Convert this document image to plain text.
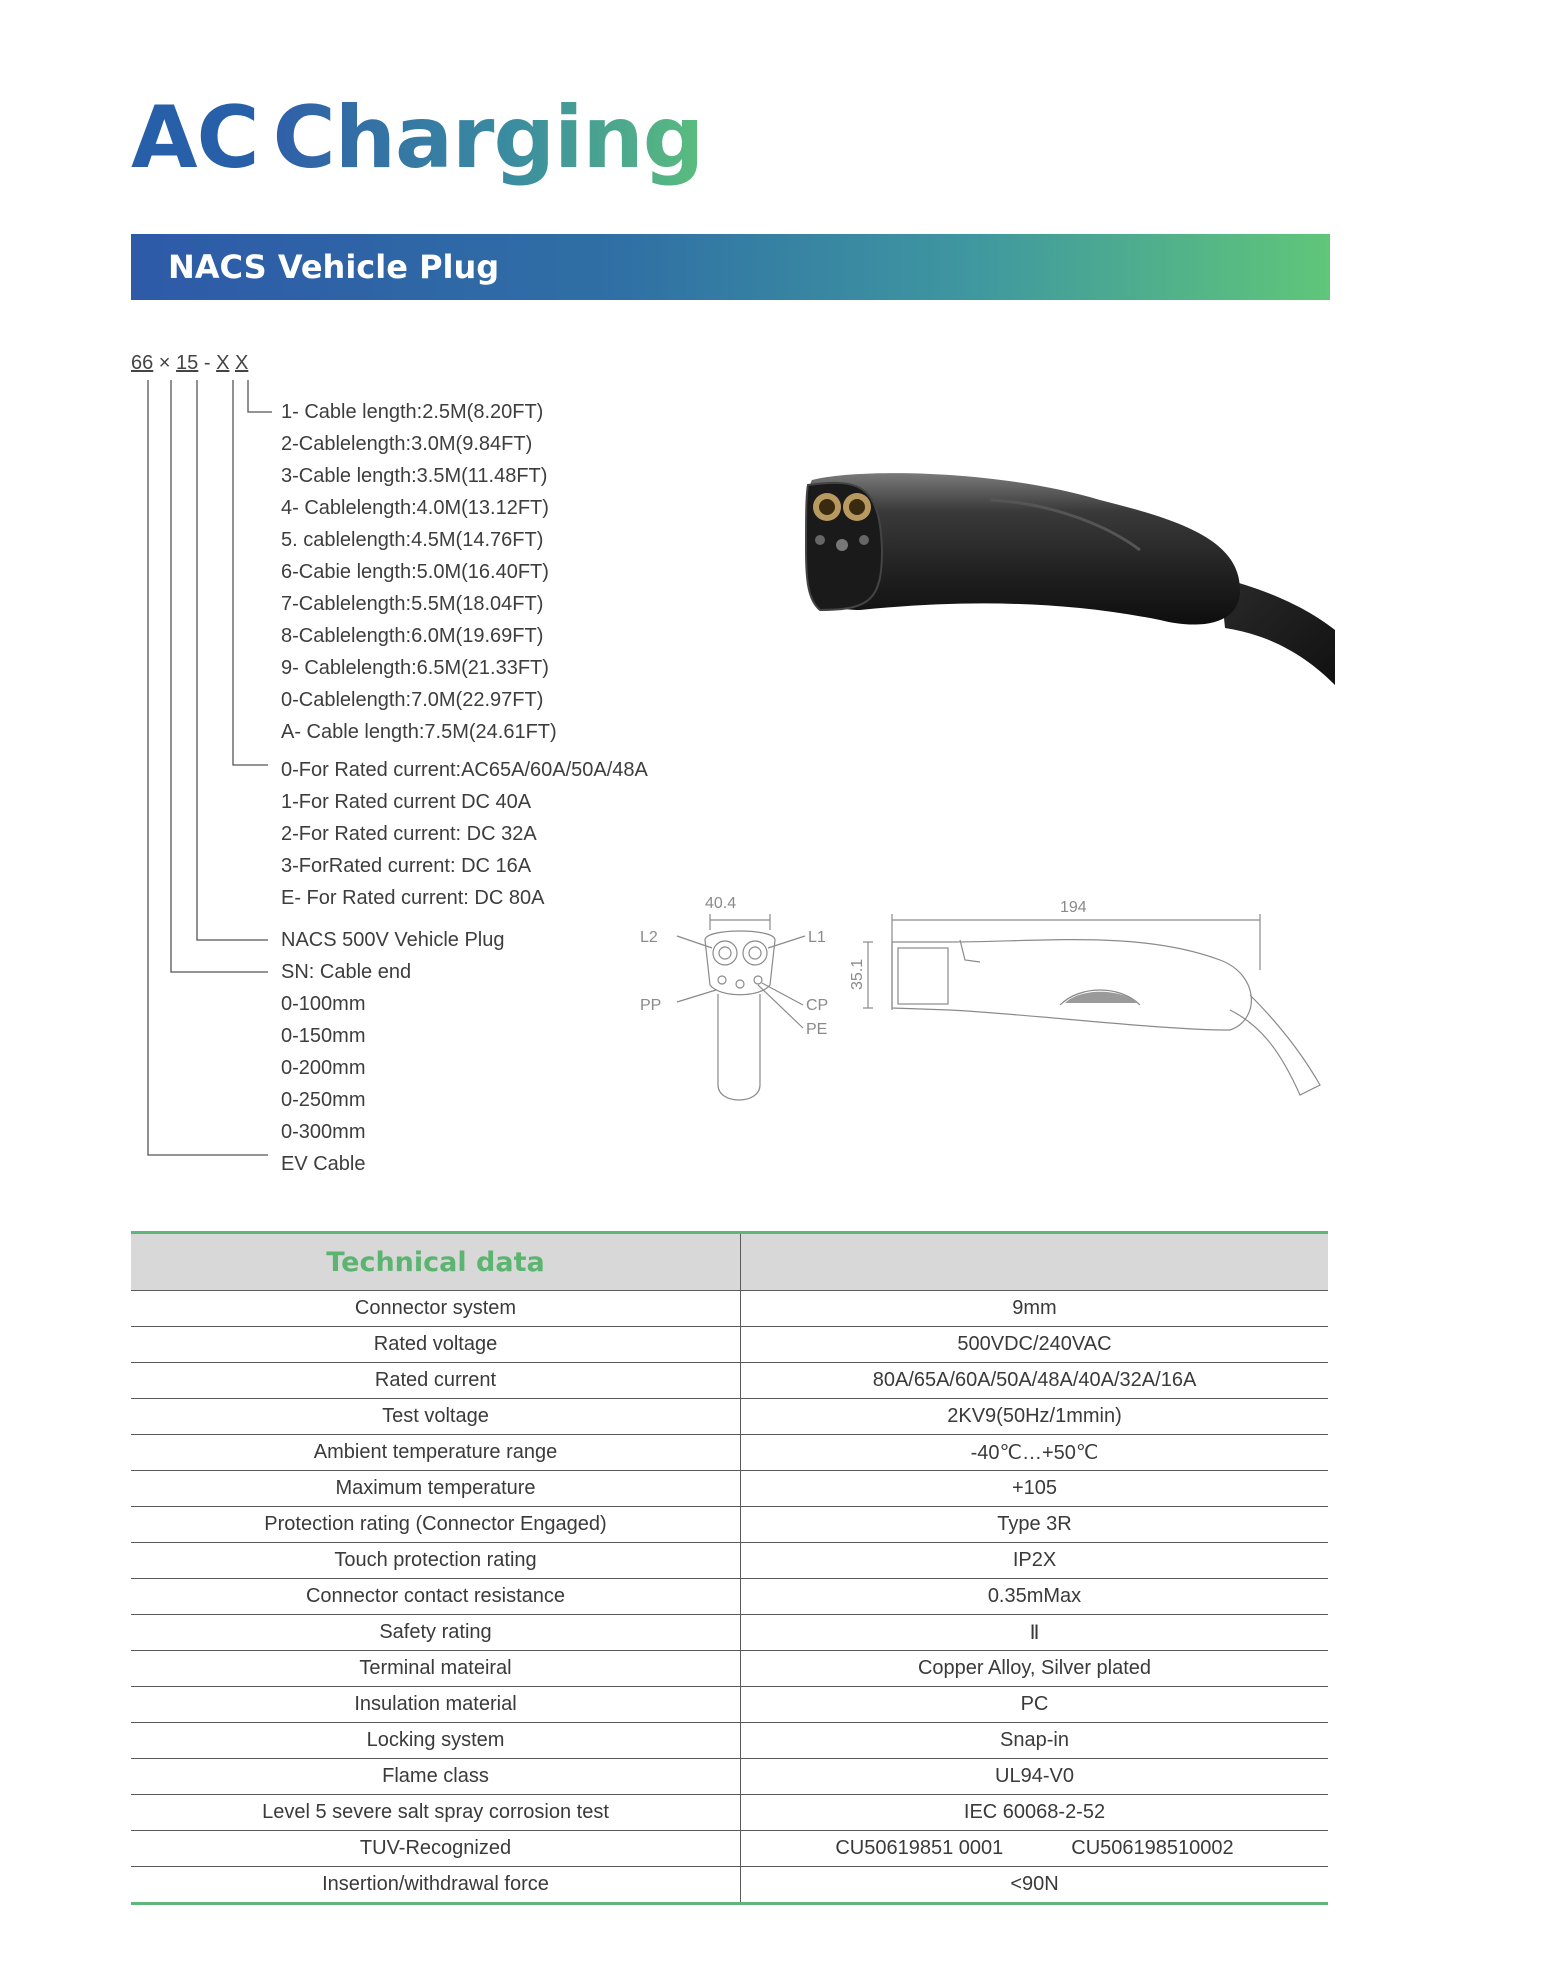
AC Charging
NACS Vehicle Plug
66 × 15 - X X
1- Cable length:2.5M(8.20FT)
2-Cablelength:3.0M(9.84FT)
3-Cable length:3.5M(11.48FT)
4- Cablelength:4.0M(13.12FT)
5. cablelength:4.5M(14.76FT)
6-Cabie length:5.0M(16.40FT)
7-Cablelength:5.5M(18.04FT)
8-Cablelength:6.0M(19.69FT)
9- Cablelength:6.5M(21.33FT)
0-Cablelength:7.0M(22.97FT)
A- Cable length:7.5M(24.61FT)
0-For Rated current:AC65A/60A/50A/48A
1-For Rated current DC 40A
2-For Rated current: DC 32A
3-ForRated current: DC 16A
E- For Rated current: DC 80A
NACS 500V Vehicle Plug
SN: Cable end
0-100mm
0-150mm
0-200mm
0-250mm
0-300mm
EV Cable
40.4
L2	L1
PP	CP
PE
194
35.1
Technical data	
Connector system	9mm
Rated voltage	500VDC/240VAC
Rated current	80A/65A/60A/50A/48A/40A/32A/16A
Test voltage	2KV9(50Hz/1mmin)
Ambient temperature range	-40℃…+50℃
Maximum temperature	+105
Protection rating (Connector Engaged)	Type 3R
Touch protection rating	IP2X
Connector contact resistance	0.35mMax
Safety rating	Ⅱ
Terminal mateiral	Copper Alloy, Silver plated
Insulation material	PC
Locking system	Snap-in
Flame class	UL94-V0
Level 5 severe salt spray corrosion test	IEC 60068-2-52
TUV-Recognized	CU50619851 0001 CU506198510002
Insertion/withdrawal force	<90N
